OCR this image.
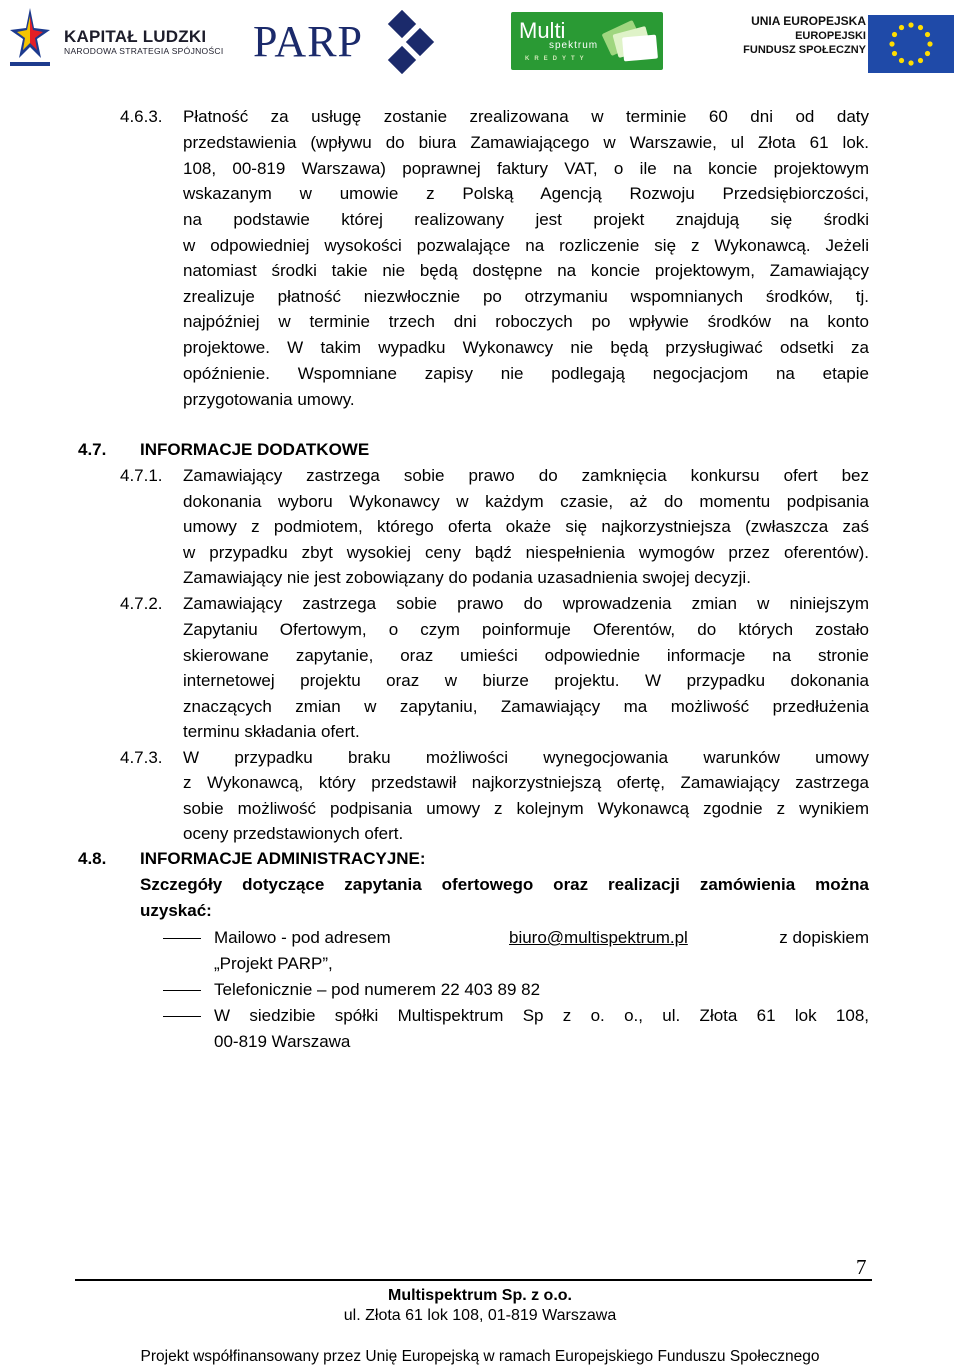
KAPITAŁ LUDZKI
NARODOWA STRATEGIA SPÓJNOŚCI PARP	Multi
spektrum
KREDYTY
UNIA EUROPEJSKA
EUROPEJSKI
FUNDUSZ SPOŁECZNY
4.6.3. Płatność za usługę zostanie zrealizowana w terminie 60 dni od daty
przedstawienia (wpływu do biura Zamawiającego w Warszawie, ul Złota 61 lok.
108, 00-819 Warszawa) poprawnej faktury VAT, o ile na koncie projektowym
wskazanym w umowie z Polską Agencją Rozwoju Przedsiębiorczości,
na podstawie której realizowany jest projekt znajdują się środki
w odpowiedniej wysokości pozwalające na rozliczenie się z Wykonawcą. Jeżeli
natomiast środki takie nie będą dostępne na koncie projektowym, Zamawiający
zrealizuje płatność niezwłocznie po otrzymaniu wspomnianych środków, tj.
najpóźniej w terminie trzech dni roboczych po wpływie środków na konto
projektowe. W takim wypadku Wykonawcy nie będą przysługiwać odsetki za
opóźnienie. Wspomniane zapisy nie podlegają negocjacjom na etapie
przygotowania umowy.
4.7. INFORMACJE DODATKOWE
4.7.1. Zamawiający zastrzega sobie prawo do zamknięcia konkursu ofert bez
dokonania wyboru Wykonawcy w każdym czasie, aż do momentu podpisania
umowy z podmiotem, którego oferta okaże się najkorzystniejsza (zwłaszcza zaś
w przypadku zbyt wysokiej ceny bądź niespełnienia wymogów przez oferentów).
Zamawiający nie jest zobowiązany do podania uzasadnienia swojej decyzji.
4.7.2. Zamawiający zastrzega sobie prawo do wprowadzenia zmian w niniejszym
Zapytaniu Ofertowym, o czym poinformuje Oferentów, do których zostało
skierowane zapytanie, oraz umieści odpowiednie informacje na stronie
internetowej projektu oraz w biurze projektu. W przypadku dokonania
znaczących zmian w zapytaniu, Zamawiający ma możliwość przedłużenia
terminu składania ofert.
4.7.3. W przypadku braku możliwości wynegocjowania warunków umowy
z Wykonawcą, który przedstawił najkorzystniejszą ofertę, Zamawiający zastrzega
sobie możliwość podpisania umowy z kolejnym Wykonawcą zgodnie z wynikiem
oceny przedstawionych ofert.
4.8. INFORMACJE ADMINISTRACYJNE:
Szczegóły dotyczące zapytania ofertowego oraz realizacji zamówienia można
uzyskać:
Mailowo - pod adresem	biuro@multispektrum.pl	z dopiskiem
„Projekt PARP”,
Telefonicznie – pod numerem 22 403 89 82
W siedzibie spółki Multispektrum Sp z o. o., ul. Złota 61 lok 108,
00-819 Warszawa
7
Multispektrum Sp. z o.o.
ul. Złota 61 lok 108, 01-819 Warszawa
Projekt współfinansowany przez Unię Europejską w ramach Europejskiego Funduszu Społecznego
